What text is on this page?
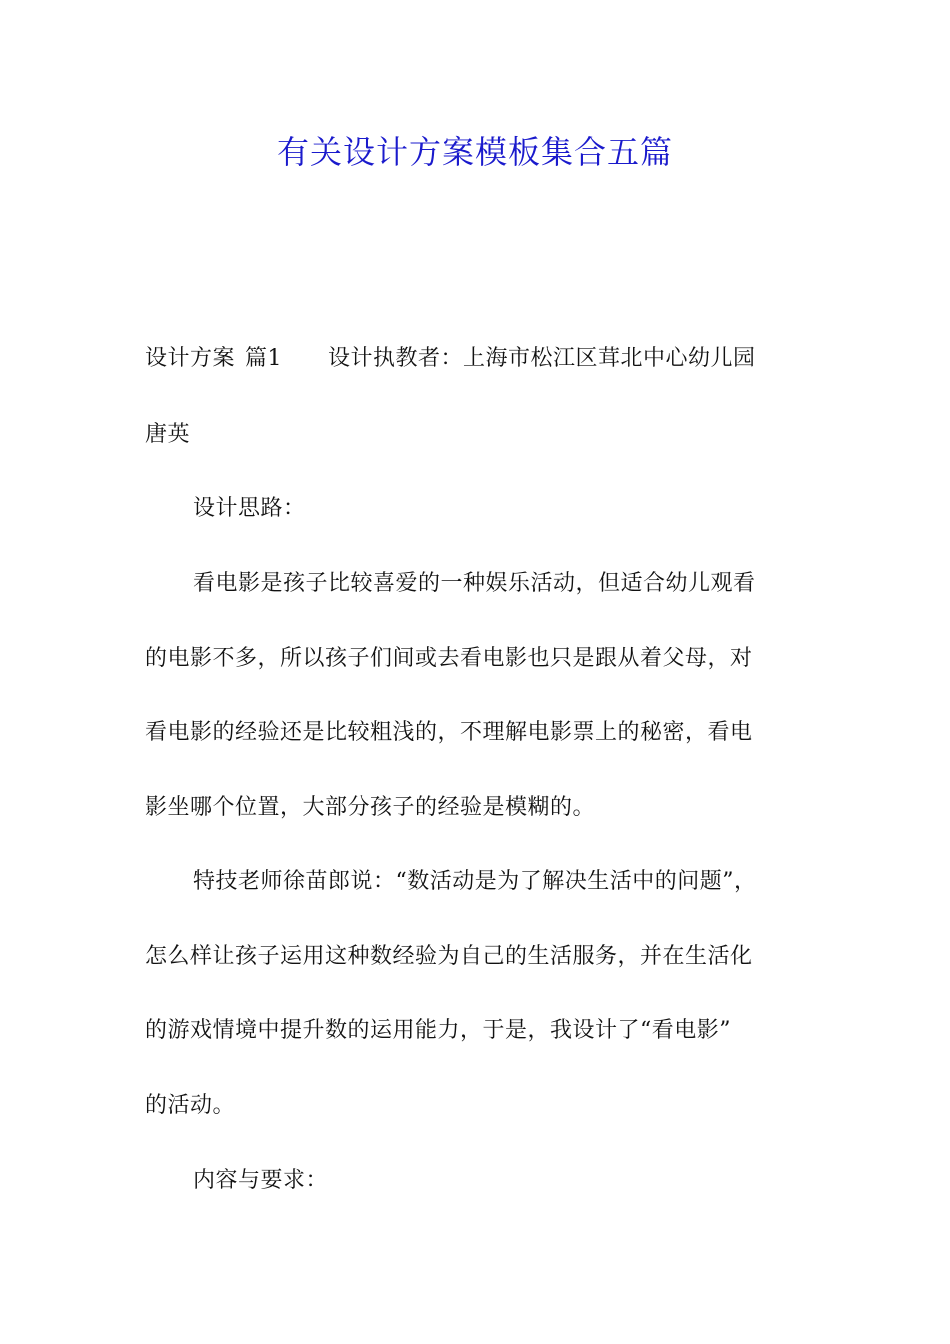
有关设计方案模板集合五篇
设计方案 篇1 设计执教者：上海市松江区茸北中心幼儿园
唐英
设计思路：
看电影是孩子比较喜爱的一种娱乐活动，但适合幼儿观看
的电影不多，所以孩子们间或去看电影也只是跟从着父母，对
看电影的经验还是比较粗浅的，不理解电影票上的秘密，看电
影坐哪个位置，大部分孩子的经验是模糊的。
特技老师徐苗郎说：“数活动是为了解决生活中的问题”，
怎么样让孩子运用这种数经验为自己的生活服务，并在生活化
的游戏情境中提升数的运用能力，于是，我设计了“看电影”
的活动。
内容与要求：
